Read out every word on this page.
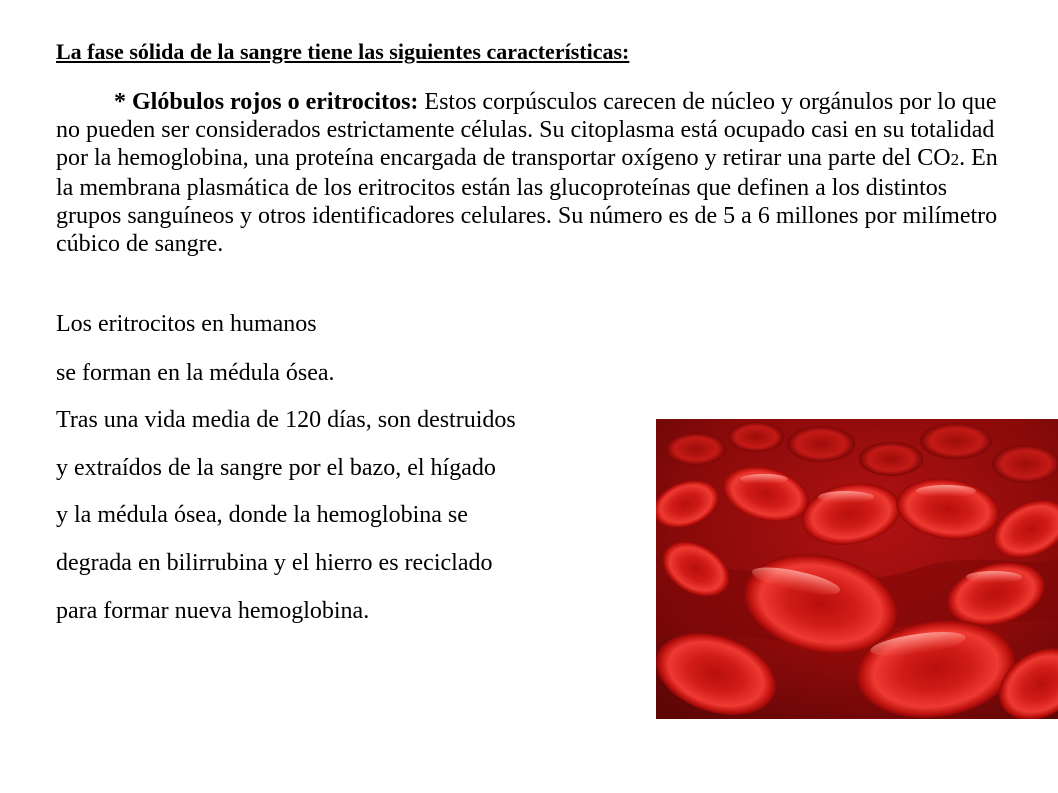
La fase sólida de la sangre tiene las siguientes características:

* Glóbulos rojos o eritrocitos: Estos corpúsculos carecen de núcleo y orgánulos por lo que no pueden ser considerados estrictamente células. Su citoplasma está ocupado casi en su totalidad por la hemoglobina, una proteína encargada de transportar oxígeno y retirar una parte del CO2. En la membrana plasmática de los eritrocitos están las glucoproteínas que definen a los distintos grupos sanguíneos y otros identificadores celulares. Su número es de 5 a 6 millones por milímetro cúbico de sangre.

Los eritrocitos en humanos

se forman en la médula ósea.

Tras una vida media de 120 días, son destruidos

y extraídos de la sangre por el bazo, el hígado

y la médula ósea, donde la hemoglobina se

degrada en bilirrubina y el hierro es reciclado

para formar nueva hemoglobina.
